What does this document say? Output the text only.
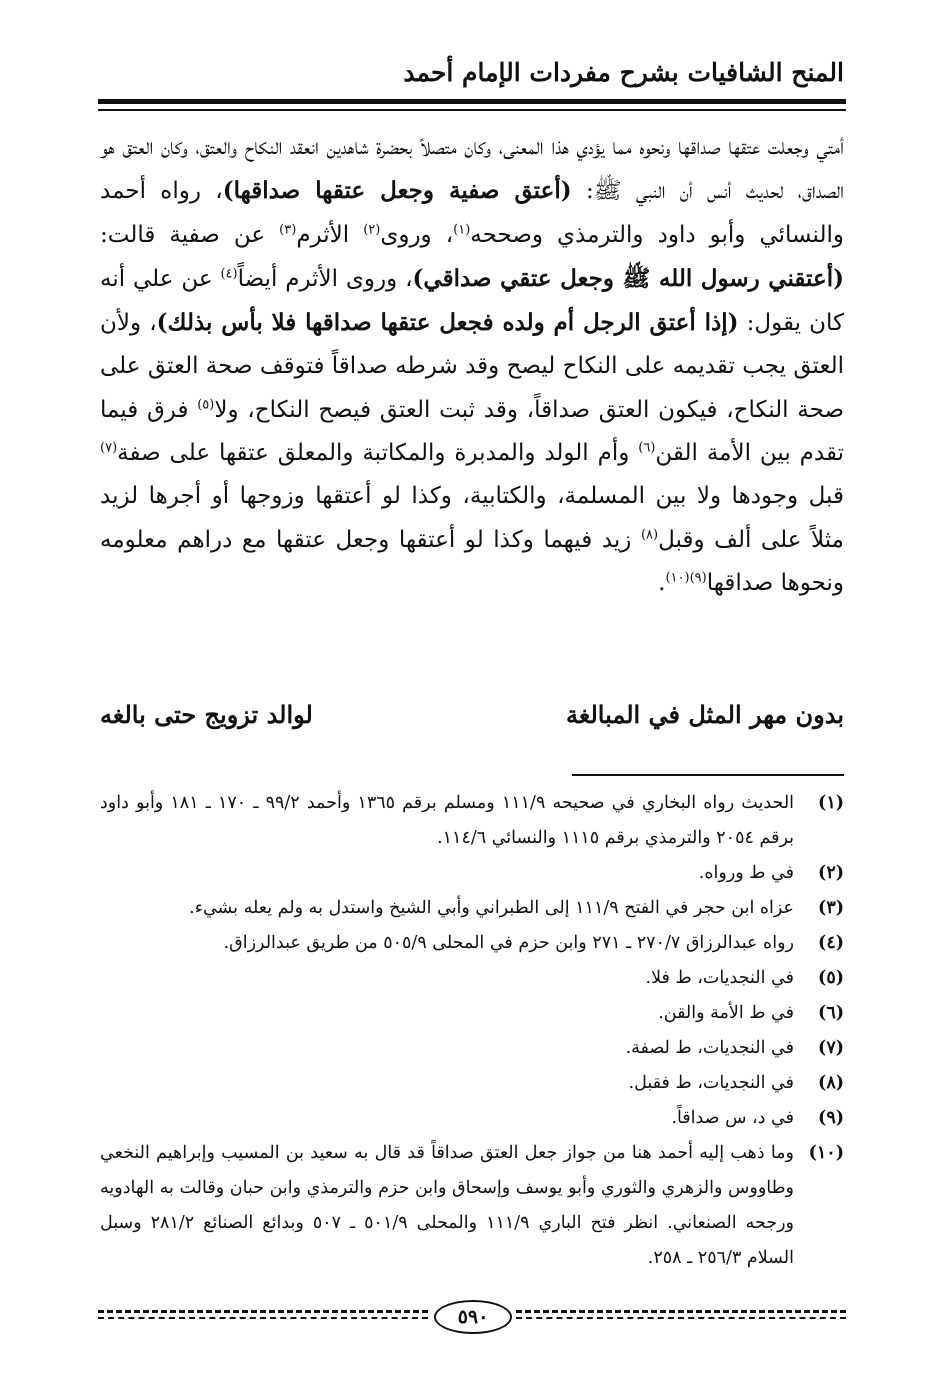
المنح الشافيات بشرح مفردات الإمام أحمد

أمتي وجعلت عتقها صداقها ونحوه مما يؤدي هذا المعنى، وكان متصلاً بحضرة شاهدين انعقد النكاح والعتق، وكان العتق هو الصداق، لحديث أنس أن النبي ﷺ: (أعتق صفية وجعل عتقها صداقها)، رواه أحمد والنسائي وأبو داود والترمذي وصححه$^{(١)}$، وروى$^{(٢)}$ الأثرم$^{(٣)}$ عن صفية قالت: (أعتقني رسول الله ﷺ وجعل عتقي صداقي)، وروى الأثرم أيضاً$^{(٤)}$ عن علي أنه كان يقول: (إذا أعتق الرجل أم ولده فجعل عتقها صداقها فلا بأس بذلك)، ولأن العتق يجب تقديمه على النكاح ليصح وقد شرطه صداقاً فتوقف صحة العتق على صحة النكاح، فيكون العتق صداقاً، وقد ثبت العتق فيصح النكاح، ولا$^{(٥)}$ فرق فيما تقدم بين الأمة القن$^{(٦)}$ وأم الولد والمدبرة والمكاتبة والمعلق عتقها على صفة$^{(٧)}$ قبل وجودها ولا بين المسلمة، والكتابية، وكذا لو أعتقها وزوجها أو أجرها لزيد مثلاً على ألف وقبل$^{(٨)}$ زيد فيهما وكذا لو أعتقها وجعل عتقها مع دراهم معلومه ونحوها صداقها$^{(٩)(١٠)}$.

بدون مهر المثل في المبالغة
لوالد تزويج حتى بالغه
(١)
الحديث رواه البخاري في صحيحه ١١١/٩ ومسلم برقم ١٣٦٥ وأحمد ٩٩/٢ ـ ١٧٠ ـ ١٨١ وأبو داود برقم ٢٠٥٤ والترمذي برقم ١١١٥ والنسائي ١١٤/٦.
(٢)
في ط ورواه.
(٣)
عزاه ابن حجر في الفتح ١١١/٩ إلى الطبراني وأبي الشيخ واستدل به ولم يعله بشيء.
(٤)
رواه عبدالرزاق ٢٧٠/٧ ـ ٢٧١ وابن حزم في المحلى ٥٠٥/٩ من طريق عبدالرزاق.
(٥)
في النجديات، ط فلا.
(٦)
في ط الأمة والقن.
(٧)
في النجديات، ط لصفة.
(٨)
في النجديات، ط فقبل.
(٩)
في د، س صداقاً.
(١٠)
وما ذهب إليه أحمد هنا من جواز جعل العتق صداقاً قد قال به سعيد بن المسيب وإبراهيم النخعي وطاووس والزهري والثوري وأبو يوسف وإسحاق وابن حزم والترمذي وابن حبان وقالت به الهادويه ورجحه الصنعاني. انظر فتح الباري ١١١/٩ والمحلى ٥٠١/٩ ـ ٥٠٧ وبدائع الصنائع ٢٨١/٢ وسبل السلام ٢٥٦/٣ ـ ٢٥٨.
٥٩٠
